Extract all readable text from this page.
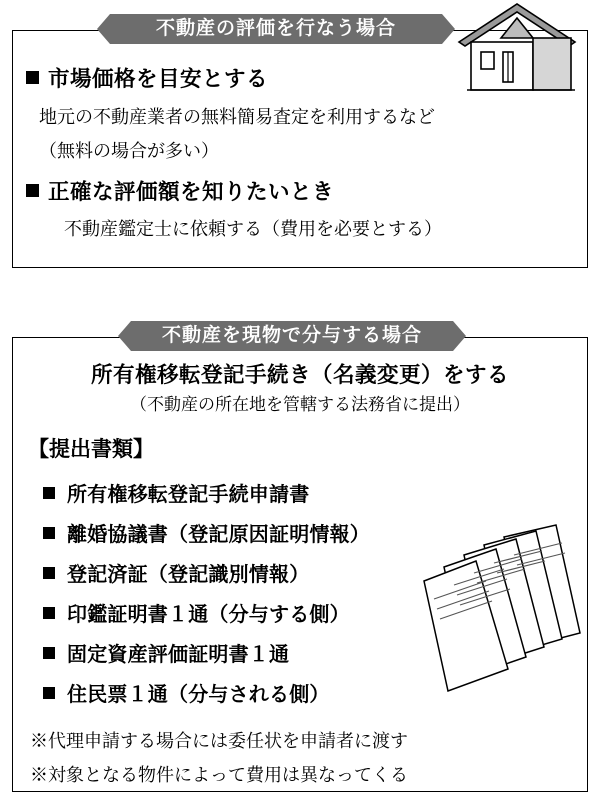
不動産の評価を行なう場合
市場価格を目安とする
地元の不動産業者の無料簡易査定を利用するなど
（無料の場合が多い）
正確な評価額を知りたいとき
不動産鑑定士に依頼する（費用を必要とする）
不動産を現物で分与する場合
所有権移転登記手続き（名義変更）をする
（不動産の所在地を管轄する法務省に提出）
【提出書類】
所有権移転登記手続申請書
離婚協議書（登記原因証明情報）
登記済証（登記識別情報）
印鑑証明書１通（分与する側）
固定資産評価証明書１通
住民票１通（分与される側）
※代理申請する場合には委任状を申請者に渡す
※対象となる物件によって費用は異なってくる
